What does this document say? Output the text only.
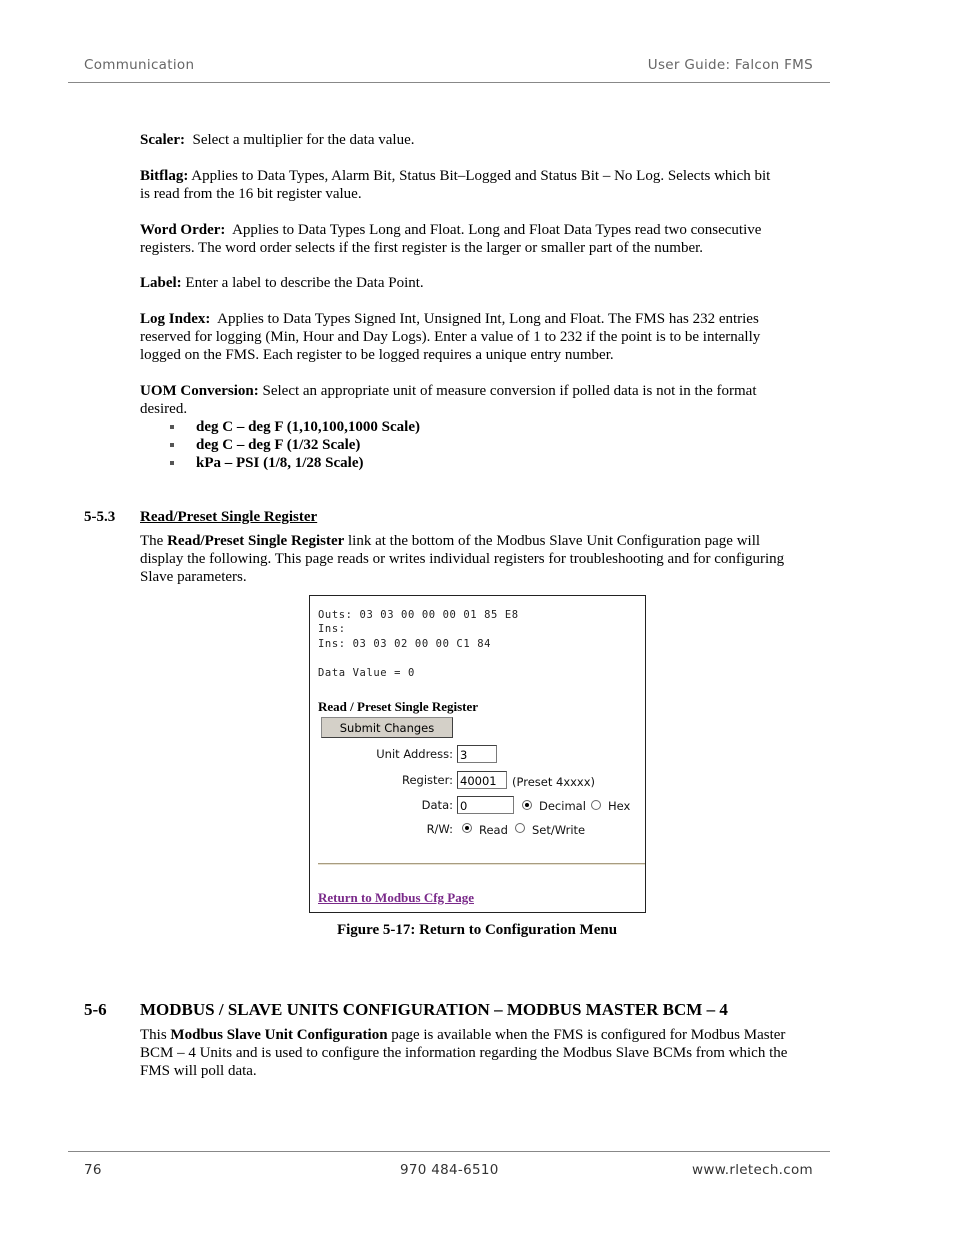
Communication	User Guide: Falcon FMS
Scaler: Select a multiplier for the data value.
Bitflag: Applies to Data Types, Alarm Bit, Status Bit–Logged and Status Bit – No Log. Selects which bit
is read from the 16 bit register value.
Word Order: Applies to Data Types Long and Float. Long and Float Data Types read two consecutive
registers. The word order selects if the first register is the larger or smaller part of the number.
Label: Enter a label to describe the Data Point.
Log Index: Applies to Data Types Signed Int, Unsigned Int, Long and Float. The FMS has 232 entries
reserved for logging (Min, Hour and Day Logs). Enter a value of 1 to 232 if the point is to be internally
logged on the FMS. Each register to be logged requires a unique entry number.
UOM Conversion: Select an appropriate unit of measure conversion if polled data is not in the format
desired.
deg C – deg F (1,10,100,1000 Scale)
deg C – deg F (1/32 Scale)
kPa – PSI (1/8, 1/28 Scale)
5-5.3 Read/Preset Single Register
The Read/Preset Single Register link at the bottom of the Modbus Slave Unit Configuration page will
display the following. This page reads or writes individual registers for troubleshooting and for configuring
Slave parameters.
Outs: 03 03 00 00 00 01 85 E8
Ins:
Ins: 03 03 02 00 00 C1 84
Data Value = 0
Read / Preset Single Register
Submit Changes
Unit Address: 3
Register: 40001	(Preset 4xxxx)
Data: 0	Decimal Hex
R/W: Read Set/Write
Return to Modbus Cfg Page
Figure 5-17: Return to Configuration Menu
5-6 MODBUS / SLAVE UNITS CONFIGURATION – MODBUS MASTER BCM – 4
This Modbus Slave Unit Configuration page is available when the FMS is configured for Modbus Master
BCM – 4 Units and is used to configure the information regarding the Modbus Slave BCMs from which the
FMS will poll data.
76	970 484-6510	www.rletech.com
